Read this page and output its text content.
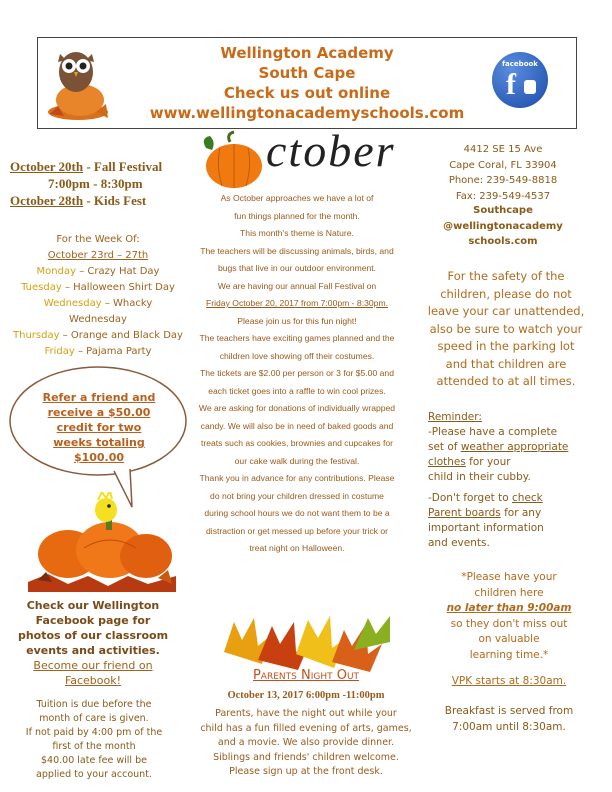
Wellington Academy
South Cape
Check us out online
www.wellingtonacademyschools.com
facebook
f
October 20th - Fall Festival
7:00pm - 8:30pm
October 28th - Kids Fest
For the Week Of:
October 23rd – 27th
Monday – Crazy Hat Day
Tuesday – Halloween Shirt Day
Wednesday – Whacky
Wednesday
Thursday – Orange and Black Day
Friday – Pajama Party
Refer a friend and
receive a $50.00
credit for two
weeks totaling
$100.00
Check our Wellington
Facebook page for
photos of our classroom
events and activities.
Become our friend on
Facebook!
Tuition is due before the
month of care is given.
If not paid by 4:00 pm of the
first of the month
$40.00 late fee will be
applied to your account.
ctober
As October approaches we have a lot of
fun things planned for the month.
This month's theme is Nature.
The teachers will be discussing animals, birds, and
bugs that live in our outdoor environment.
We are having our annual Fall Festival on
Friday October 20, 2017 from 7:00pm - 8:30pm.
Please join us for this fun night!
The teachers have exciting games planned and the
children love showing off their costumes.
The tickets are $2.00 per person or 3 for $5.00 and
each ticket goes into a raffle to win cool prizes.
We are asking for donations of individually wrapped
candy. We will also be in need of baked goods and
treats such as cookies, brownies and cupcakes for
our cake walk during the festival.
Thank you in advance for any contributions. Please
do not bring your children dressed in costume
during school hours we do not want them to be a
distraction or get messed up before your trick or
treat night on Halloween.
Parents Night Out
October 13, 2017 6:00pm -11:00pm
Parents, have the night out while your
child has a fun filled evening of arts, games,
and a movie. We also provide dinner.
Siblings and friends' children welcome.
Please sign up at the front desk.
4412 SE 15 Ave
Cape Coral, FL 33904
Phone: 239-549-8818
Fax: 239-549-4537
Southcape
@wellingtonacademy
schools.com
For the safety of the
children, please do not
leave your car unattended,
also be sure to watch your
speed in the parking lot
and that children are
attended to at all times.
Reminder:
-Please have a complete
set of weather appropriate
clothes for your
child in their cubby.
-Don't forget to check
Parent boards for any
important information
and events.
*Please have your
children here
no later than 9:00am
so they don't miss out
on valuable
learning time.*
VPK starts at 8:30am.
Breakfast is served from
7:00am until 8:30am.
